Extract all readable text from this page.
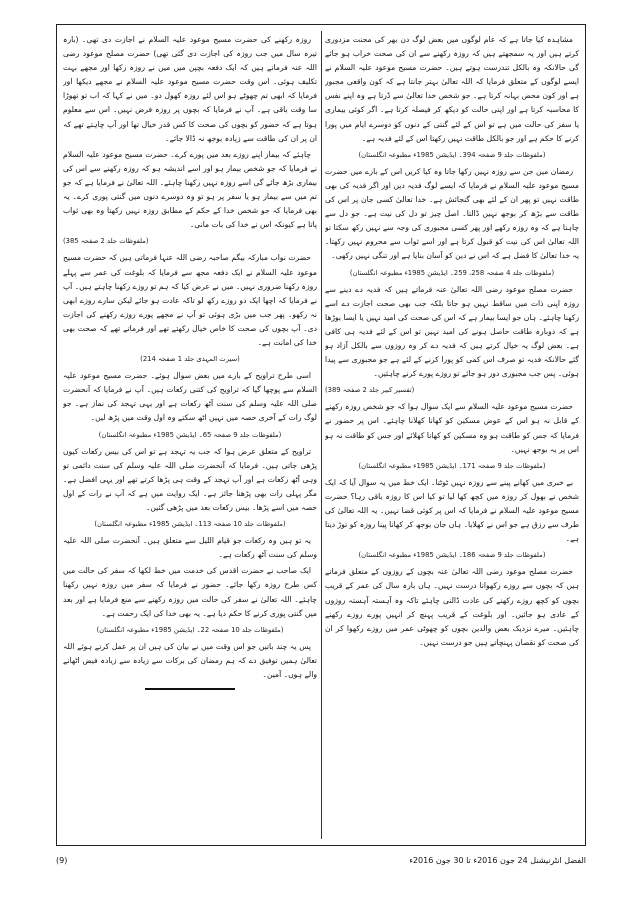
مشاہدہ کیا جاتا ہے کہ عام لوگوں میں بعض لوگ دن بھر کی محنت مزدوری کرتے ہیں اور یہ سمجھتے ہیں کہ روزہ رکھنے سے ان کی صحت خراب ہو جائے گی حالانکہ وہ بالکل تندرست ہوتے ہیں۔ حضرت مسیح موعود علیہ السلام نے ایسے لوگوں کے متعلق فرمایا کہ اللہ تعالیٰ بہتر جانتا ہے کہ کون واقعی مجبور ہے اور کون محض بہانہ کرتا ہے۔ جو شخص خدا تعالیٰ سے ڈرتا ہے وہ اپنے نفس کا محاسبہ کرتا ہے اور اپنی حالت کو دیکھ کر فیصلہ کرتا ہے۔ اگر کوئی بیماری یا سفر کی حالت میں ہے تو اس کے لئے گنتی کے دنوں کو دوسرے ایام میں پورا کرنے کا حکم ہے اور جو بالکل طاقت نہیں رکھتا اس کے لئے فدیہ ہے۔

(ملفوظات جلد 9 صفحہ 394۔ ایڈیشن 1985ء مطبوعہ انگلستان)

رمضان میں جن سے روزہ نہیں رکھا جاتا وہ کیا کریں اس کے بارے میں حضرت مسیح موعود علیہ السلام نے فرمایا کہ ایسے لوگ فدیہ دیں اور اگر فدیہ کی بھی طاقت نہیں تو پھر ان کے لئے بھی گنجائش ہے۔ خدا تعالیٰ کسی جان پر اس کی طاقت سے بڑھ کر بوجھ نہیں ڈالتا۔ اصل چیز تو دل کی نیت ہے۔ جو دل سے چاہتا ہے کہ وہ روزہ رکھے اور پھر کسی مجبوری کی وجہ سے نہیں رکھ سکتا تو اللہ تعالیٰ اس کی نیت کو قبول کرتا ہے اور اسے ثواب سے محروم نہیں رکھتا۔ یہ خدا تعالیٰ کا فضل ہے کہ اس نے دین کو آسان بنایا ہے اور تنگی نہیں رکھی۔

(ملفوظات جلد 4 صفحہ 258، 259۔ ایڈیشن 1985ء مطبوعہ انگلستان)

حضرت مصلح موعود رضی اللہ تعالیٰ عنہ فرماتے ہیں کہ فدیہ دے دینے سے روزہ اپنی ذات میں ساقط نہیں ہو جاتا بلکہ جب بھی صحت اجازت دے اسے رکھنا چاہئے۔ ہاں جو ایسا بیمار ہے کہ اس کی صحت کی امید نہیں یا ایسا بوڑھا ہے کہ دوبارہ طاقت حاصل ہونے کی امید نہیں تو اس کے لئے فدیہ ہی کافی ہے۔ بعض لوگ یہ خیال کرتے ہیں کہ فدیہ دے کر وہ روزوں سے بالکل آزاد ہو گئے حالانکہ فدیہ تو صرف اس کمی کو پورا کرنے کے لئے ہے جو مجبوری سے پیدا ہوئی۔ پس جب مجبوری دور ہو جائے تو روزے پورے کرنے چاہئیں۔

(تفسیر کبیر جلد 2 صفحہ 389)

حضرت مسیح موعود علیہ السلام سے ایک سوال ہوا کہ جو شخص روزہ رکھنے کے قابل نہ ہو اس کے عوض مسکین کو کھانا کھلانا چاہئے۔ اس پر حضور نے فرمایا کہ جس کو طاقت ہو وہ مسکین کو کھانا کھلائے اور جس کو طاقت نہ ہو اس پر یہ بوجھ نہیں۔

(ملفوظات جلد 9 صفحہ 171۔ ایڈیشن 1985ء مطبوعہ انگلستان)

بے خبری میں کھانے پینے سے روزہ نہیں ٹوٹتا۔ ایک خط میں یہ سوال آیا کہ ایک شخص نے بھول کر روزہ میں کچھ کھا لیا تو کیا اس کا روزہ باقی رہا؟ حضرت مسیح موعود علیہ السلام نے فرمایا کہ اس پر کوئی قضا نہیں۔ یہ اللہ تعالیٰ کی طرف سے رزق ہے جو اس نے کھلایا۔ ہاں جان بوجھ کر کھانا پینا روزہ کو توڑ دیتا ہے۔

(ملفوظات جلد 9 صفحہ 186۔ ایڈیشن 1985ء مطبوعہ انگلستان)

حضرت مصلح موعود رضی اللہ تعالیٰ عنہ بچوں کے روزوں کے متعلق فرماتے ہیں کہ بچوں سے روزے رکھوانا درست نہیں۔ ہاں بارہ سال کی عمر کے قریب بچوں کو کچھ روزے رکھنے کی عادت ڈالنی چاہئے تاکہ وہ آہستہ آہستہ روزوں کے عادی ہو جائیں۔ اور بلوغت کے قریب پہنچ کر انہیں پورے روزے رکھنے چاہئیں۔ میرے نزدیک بعض والدین بچوں کو چھوٹی عمر میں روزے رکھوا کر ان کی صحت کو نقصان پہنچاتے ہیں جو درست نہیں۔

روزہ رکھنے کی حضرت مسیح موعود علیہ السلام نے اجازت دی تھی۔ (بارہ تیرہ سال میں جب روزہ کی اجازت دی گئی تھی) حضرت مصلح موعود رضی اللہ عنہ فرماتے ہیں کہ ایک دفعہ بچپن میں میں نے روزہ رکھا اور مجھے بہت تکلیف ہوئی۔ اس وقت حضرت مسیح موعود علیہ السلام نے مجھے دیکھا اور فرمایا کہ ابھی تم چھوٹے ہو اس لئے روزہ کھول دو۔ میں نے کہا کہ اب تو تھوڑا سا وقت باقی ہے۔ آپ نے فرمایا کہ بچوں پر روزہ فرض نہیں۔ اس سے معلوم ہوتا ہے کہ حضور کو بچوں کی صحت کا کس قدر خیال تھا اور آپ چاہتے تھے کہ ان پر ان کی طاقت سے زیادہ بوجھ نہ ڈالا جائے۔

چاہئے کہ بیمار اپنے روزے بعد میں پورے کرے۔ حضرت مسیح موعود علیہ السلام نے فرمایا کہ جو شخص بیمار ہو اور اسے اندیشہ ہو کہ روزہ رکھنے سے اس کی بیماری بڑھ جائے گی اسے روزہ نہیں رکھنا چاہئے۔ اللہ تعالیٰ نے فرمایا ہے کہ جو تم میں سے بیمار ہو یا سفر پر ہو تو وہ دوسرے دنوں میں گنتی پوری کرے۔ یہ بھی فرمایا کہ جو شخص خدا کے حکم کے مطابق روزہ نہیں رکھتا وہ بھی ثواب پاتا ہے کیونکہ اس نے خدا کی بات مانی۔

(ملفوظات جلد 2 صفحہ 385)

حضرت نواب مبارکہ بیگم صاحبہ رضی اللہ عنہا فرماتی ہیں کہ حضرت مسیح موعود علیہ السلام نے ایک دفعہ مجھ سے فرمایا کہ بلوغت کی عمر سے پہلے روزہ رکھنا ضروری نہیں۔ میں نے عرض کیا کہ ہم تو روزے رکھنا چاہتے ہیں۔ آپ نے فرمایا کہ اچھا ایک دو روزے رکھ لو تاکہ عادت ہو جائے لیکن سارے روزے ابھی نہ رکھو۔ پھر جب میں بڑی ہوئی تو آپ نے مجھے پورے روزے رکھنے کی اجازت دی۔ آپ بچوں کی صحت کا خاص خیال رکھتے تھے اور فرماتے تھے کہ صحت بھی خدا کی امانت ہے۔

(سیرت المہدی جلد 1 صفحہ 214)

اسی طرح تراویح کے بارے میں بعض سوال ہوئے۔ حضرت مسیح موعود علیہ السلام سے پوچھا گیا کہ تراویح کی کتنی رکعات ہیں۔ آپ نے فرمایا کہ آنحضرت صلی اللہ علیہ وسلم کی سنت آٹھ رکعات ہے اور یہی تہجد کی نماز ہے۔ جو لوگ رات کے آخری حصہ میں نہیں اٹھ سکتے وہ اول وقت میں پڑھ لیں۔

(ملفوظات جلد 9 صفحہ 65۔ ایڈیشن 1985ء مطبوعہ انگلستان)

تراویح کے متعلق عرض ہوا کہ جب یہ تہجد ہے تو اس کی بیس رکعات کیوں پڑھی جاتی ہیں۔ فرمایا کہ آنحضرت صلی اللہ علیہ وسلم کی سنت دائمی تو وہی آٹھ رکعات ہے اور آپ تہجد کے وقت ہی پڑھا کرتے تھے اور یہی افضل ہے۔ مگر پہلی رات بھی پڑھنا جائز ہے۔ ایک روایت میں ہے کہ آپ نے رات کے اول حصہ میں اسے پڑھا۔ بیس رکعات بعد میں پڑھی گئیں۔

(ملفوظات جلد 10 صفحہ 113۔ ایڈیشن 1985ء مطبوعہ انگلستان)

یہ تو ہیں وہ رکعات جو قیام اللیل سے متعلق ہیں۔ آنحضرت صلی اللہ علیہ وسلم کی سنت آٹھ رکعات ہے۔

ایک صاحب نے حضرت اقدس کی خدمت میں خط لکھا کہ سفر کی حالت میں کس طرح روزہ رکھا جائے۔ حضور نے فرمایا کہ سفر میں روزہ نہیں رکھنا چاہئے۔ اللہ تعالیٰ نے سفر کی حالت میں روزہ رکھنے سے منع فرمایا ہے اور بعد میں گنتی پوری کرنے کا حکم دیا ہے۔ یہ بھی خدا کی ایک رحمت ہے۔

(ملفوظات جلد 10 صفحہ 22۔ ایڈیشن 1985ء مطبوعہ انگلستان)

پس یہ چند باتیں جو اس وقت میں نے بیان کی ہیں ان پر عمل کرتے ہوئے اللہ تعالیٰ ہمیں توفیق دے کہ ہم رمضان کی برکات سے زیادہ سے زیادہ فیض اٹھانے والے ہوں۔ آمین۔

الفضل انٹرنیشنل 24 جون 2016ء تا 30 جون 2016ء
(9)
